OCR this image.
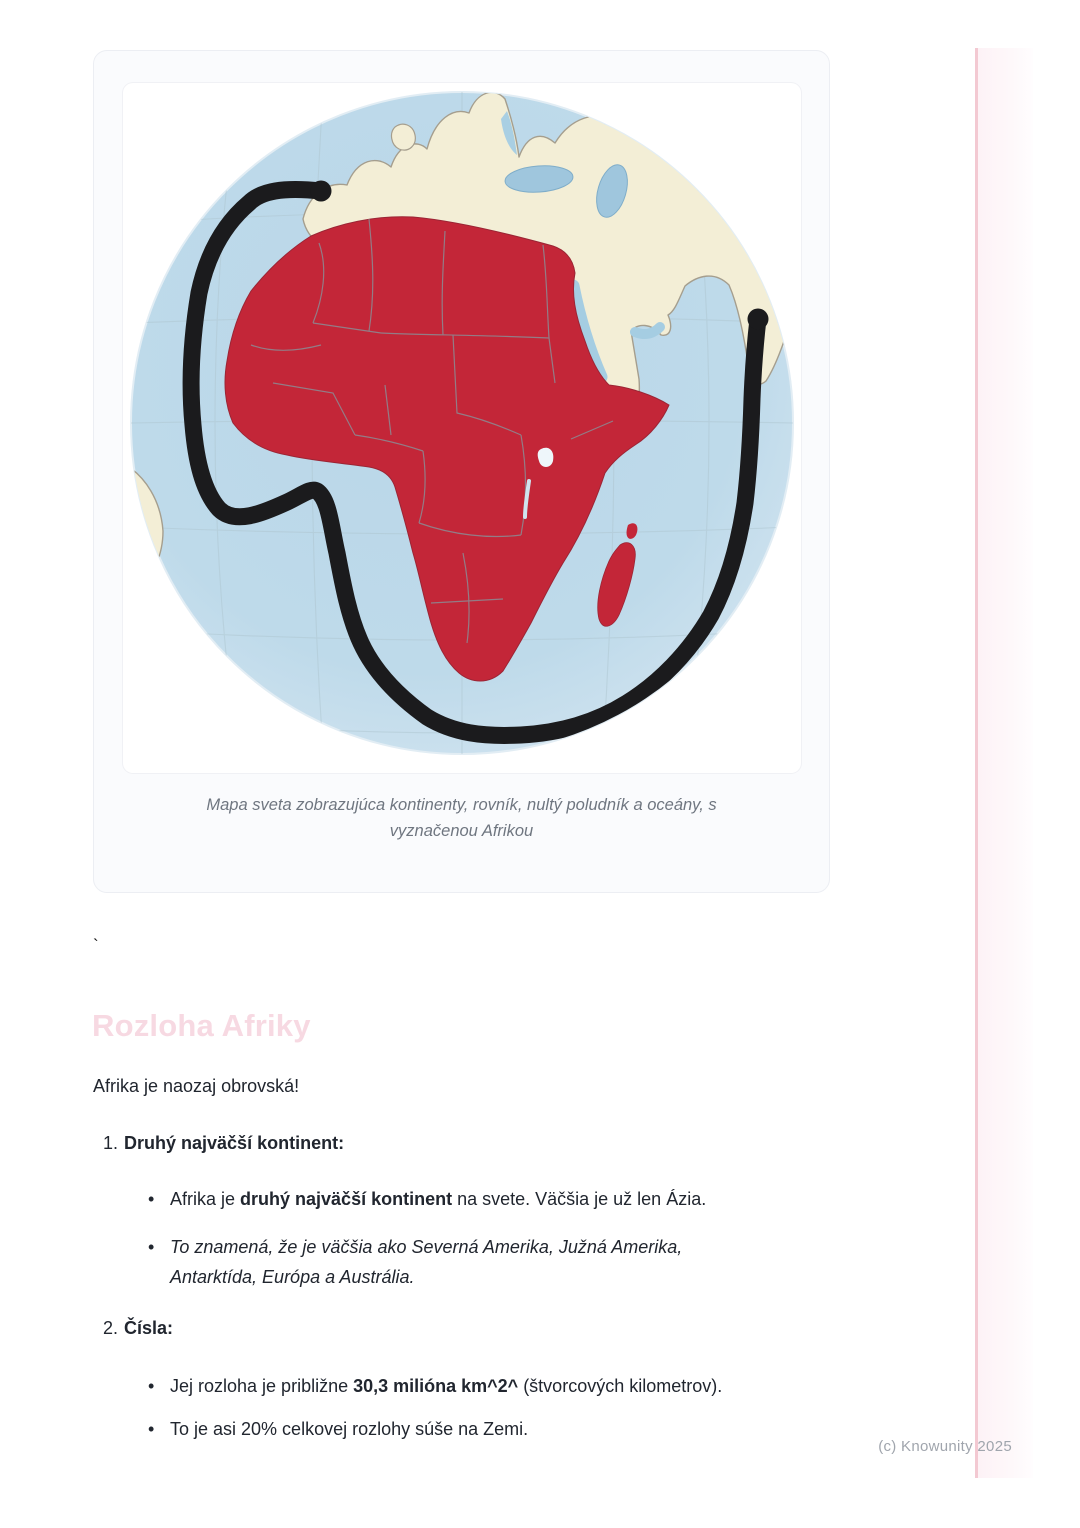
Mapa sveta zobrazujúca kontinenty, rovník, nultý poludník a oceány, s vyznačenou Afrikou
`
Rozloha Afriky

Afrika je naozaj obrovská!

1. Druhý najväčší kontinent:
• Afrika je druhý najväčší kontinent na svete. Väčšia je už len Ázia.
• To znamená, že je väčšia ako Severná Amerika, Južná Amerika, Antarktída, Európa a Austrália.
2. Čísla:
• Jej rozloha je približne 30,3 milióna km^2^ (štvorcových kilometrov).
• To je asi 20% celkovej rozlohy súše na Zemi.
(c) Knowunity 2025
